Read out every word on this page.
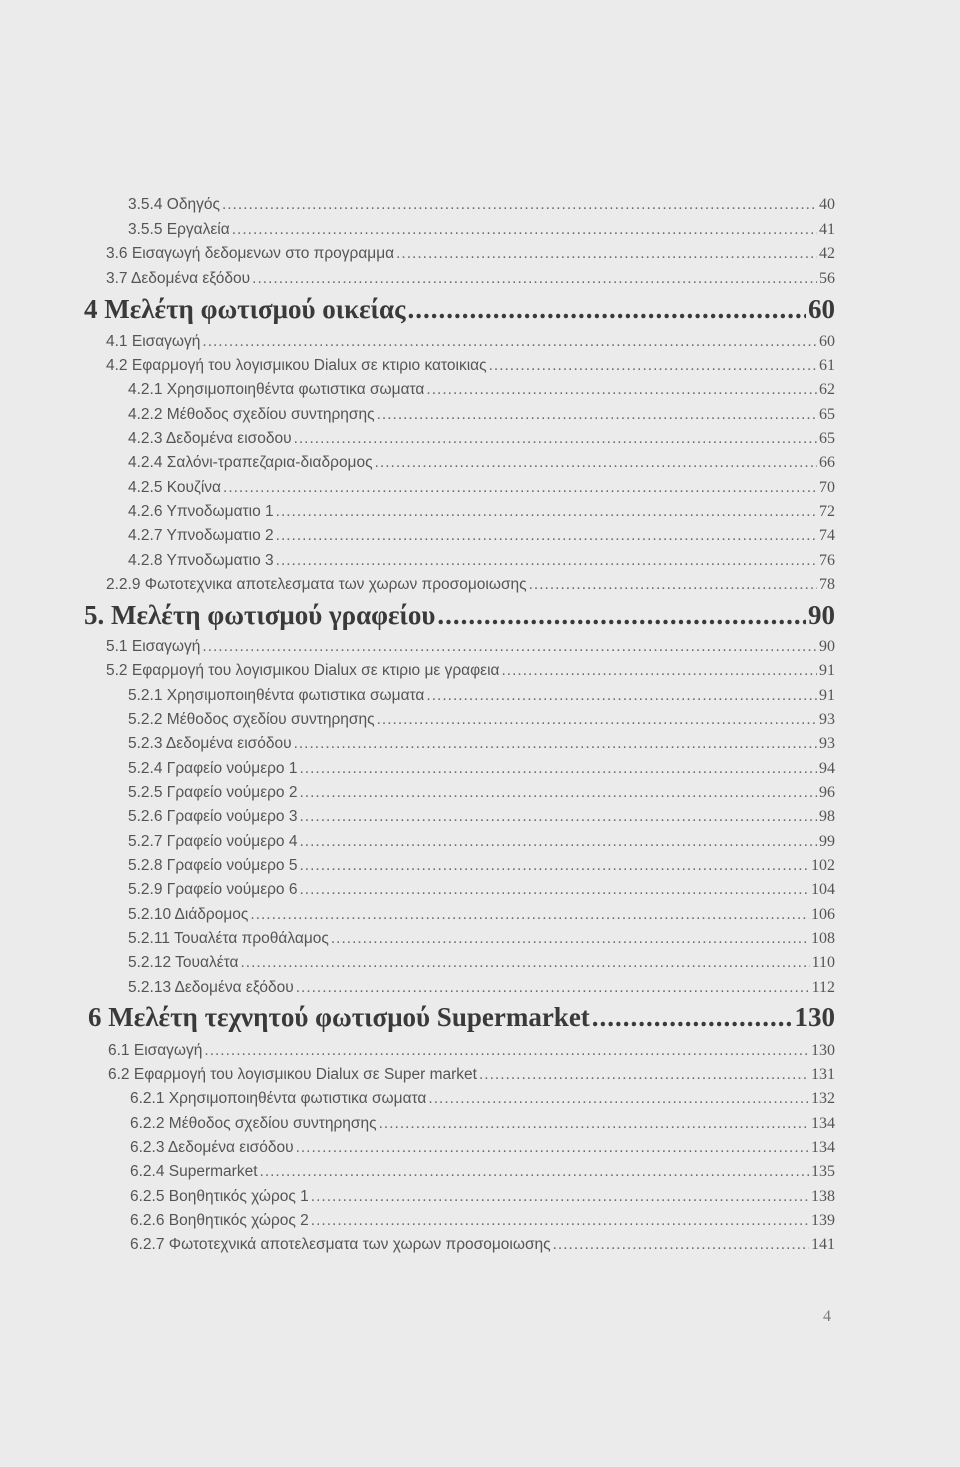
3.5.4 Οδηγός .....	40
3.5.5 Εργαλεία .....	41
3.6 Εισαγωγή δεδομενων στο προγραμμα .....	42
3.7 Δεδομένα εξόδου .....	56
4 Μελέτη φωτισμού οικείας .....	60
4.1 Εισαγωγή .....	60
4.2 Εφαρμογή του λογισμικου Dialux σε κτιριο κατοικιας .....	61
4.2.1 Χρησιμοποιηθέντα φωτιστικα σωματα .....	62
4.2.2 Μέθοδος σχεδίου συντηρησης .....	65
4.2.3 Δεδομένα εισοδου .....	65
4.2.4 Σαλόνι-τραπεζαρια-διαδρομος .....	66
4.2.5 Κουζίνα .....	70
4.2.6 Υπνοδωματιο 1 .....	72
4.2.7 Υπνοδωματιο 2 .....	74
4.2.8 Υπνοδωματιο 3 .....	76
2.2.9 Φωτοτεχνικα αποτελεσματα των χωρων προσομοιωσης .....	78
5. Μελέτη φωτισμού γραφείου .....	90
5.1 Εισαγωγή .....	90
5.2 Εφαρμογή του λογισμικου Dialux σε κτιριο με γραφεια .....	91
5.2.1 Χρησιμοποιηθέντα φωτιστικα σωματα .....	91
5.2.2 Μέθοδος σχεδίου συντηρησης .....	93
5.2.3 Δεδομένα εισόδου .....	93
5.2.4 Γραφείο νούμερο 1 .....	94
5.2.5 Γραφείο νούμερο 2 .....	96
5.2.6 Γραφείο νούμερο 3 .....	98
5.2.7 Γραφείο νούμερο 4 .....	99
5.2.8 Γραφείο νούμερο 5 .....	102
5.2.9 Γραφείο νούμερο 6 .....	104
5.2.10 Διάδρομος .....	106
5.2.11 Τουαλέτα προθάλαμος .....	108
5.2.12 Τουαλέτα .....	110
5.2.13 Δεδομένα εξόδου .....	112
6 Μελέτη τεχνητού φωτισμού Supermarket .....	130
6.1 Εισαγωγή .....	130
6.2 Εφαρμογή του λογισμικου Dialux σε Super market .....	131
6.2.1 Χρησιμοποιηθέντα φωτιστικα σωματα .....	132
6.2.2 Μέθοδος σχεδίου συντηρησης .....	134
6.2.3 Δεδομένα εισόδου .....	134
6.2.4 Supermarket .....	135
6.2.5 Βοηθητικός χώρος 1 .....	138
6.2.6 Βοηθητικός χώρος 2 .....	139
6.2.7 Φωτοτεχνικά αποτελεσματα των χωρων προσομοιωσης .....	141
4
